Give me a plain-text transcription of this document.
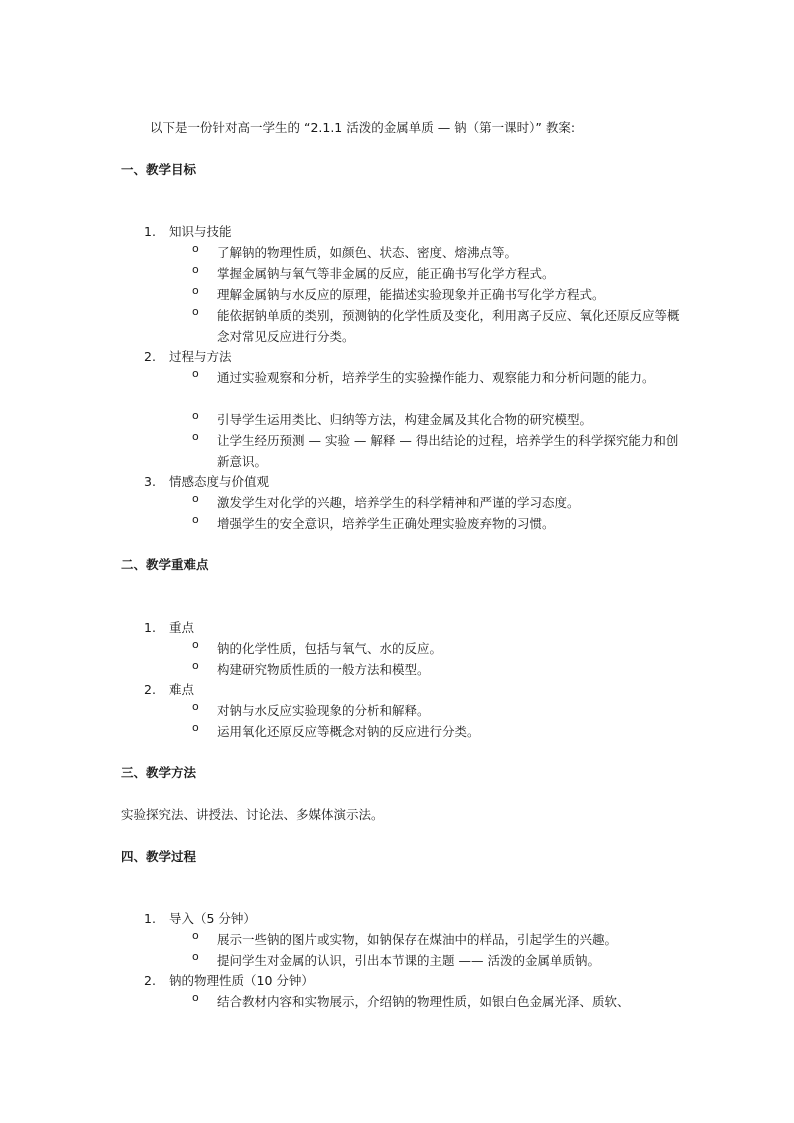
以下是一份针对高一学生的 “2.1.1 活泼的金属单质 — 钠（第一课时）” 教案:
一、教学目标
1. 知识与技能
o 了解钠的物理性质，如颜色、状态、密度、熔沸点等。
o 掌握金属钠与氧气等非金属的反应，能正确书写化学方程式。
o 理解金属钠与水反应的原理，能描述实验现象并正确书写化学方程式。
o 能依据钠单质的类别，预测钠的化学性质及变化，利用离子反应、氧化还原反应等概念对常见反应进行分类。
2. 过程与方法
o 通过实验观察和分析，培养学生的实验操作能力、观察能力和分析问题的能力。
o 引导学生运用类比、归纳等方法，构建金属及其化合物的研究模型。
o 让学生经历预测 — 实验 — 解释 — 得出结论的过程，培养学生的科学探究能力和创新意识。
3. 情感态度与价值观
o 激发学生对化学的兴趣，培养学生的科学精神和严谨的学习态度。
o 增强学生的安全意识，培养学生正确处理实验废弃物的习惯。
二、教学重难点
1. 重点
o 钠的化学性质，包括与氧气、水的反应。
o 构建研究物质性质的一般方法和模型。
2. 难点
o 对钠与水反应实验现象的分析和解释。
o 运用氧化还原反应等概念对钠的反应进行分类。
三、教学方法
实验探究法、讲授法、讨论法、多媒体演示法。
四、教学过程
1. 导入（5 分钟）
o 展示一些钠的图片或实物，如钠保存在煤油中的样品，引起学生的兴趣。
o 提问学生对金属的认识，引出本节课的主题 —— 活泼的金属单质钠。
2. 钠的物理性质（10 分钟）
o 结合教材内容和实物展示，介绍钠的物理性质，如银白色金属光泽、质软、
